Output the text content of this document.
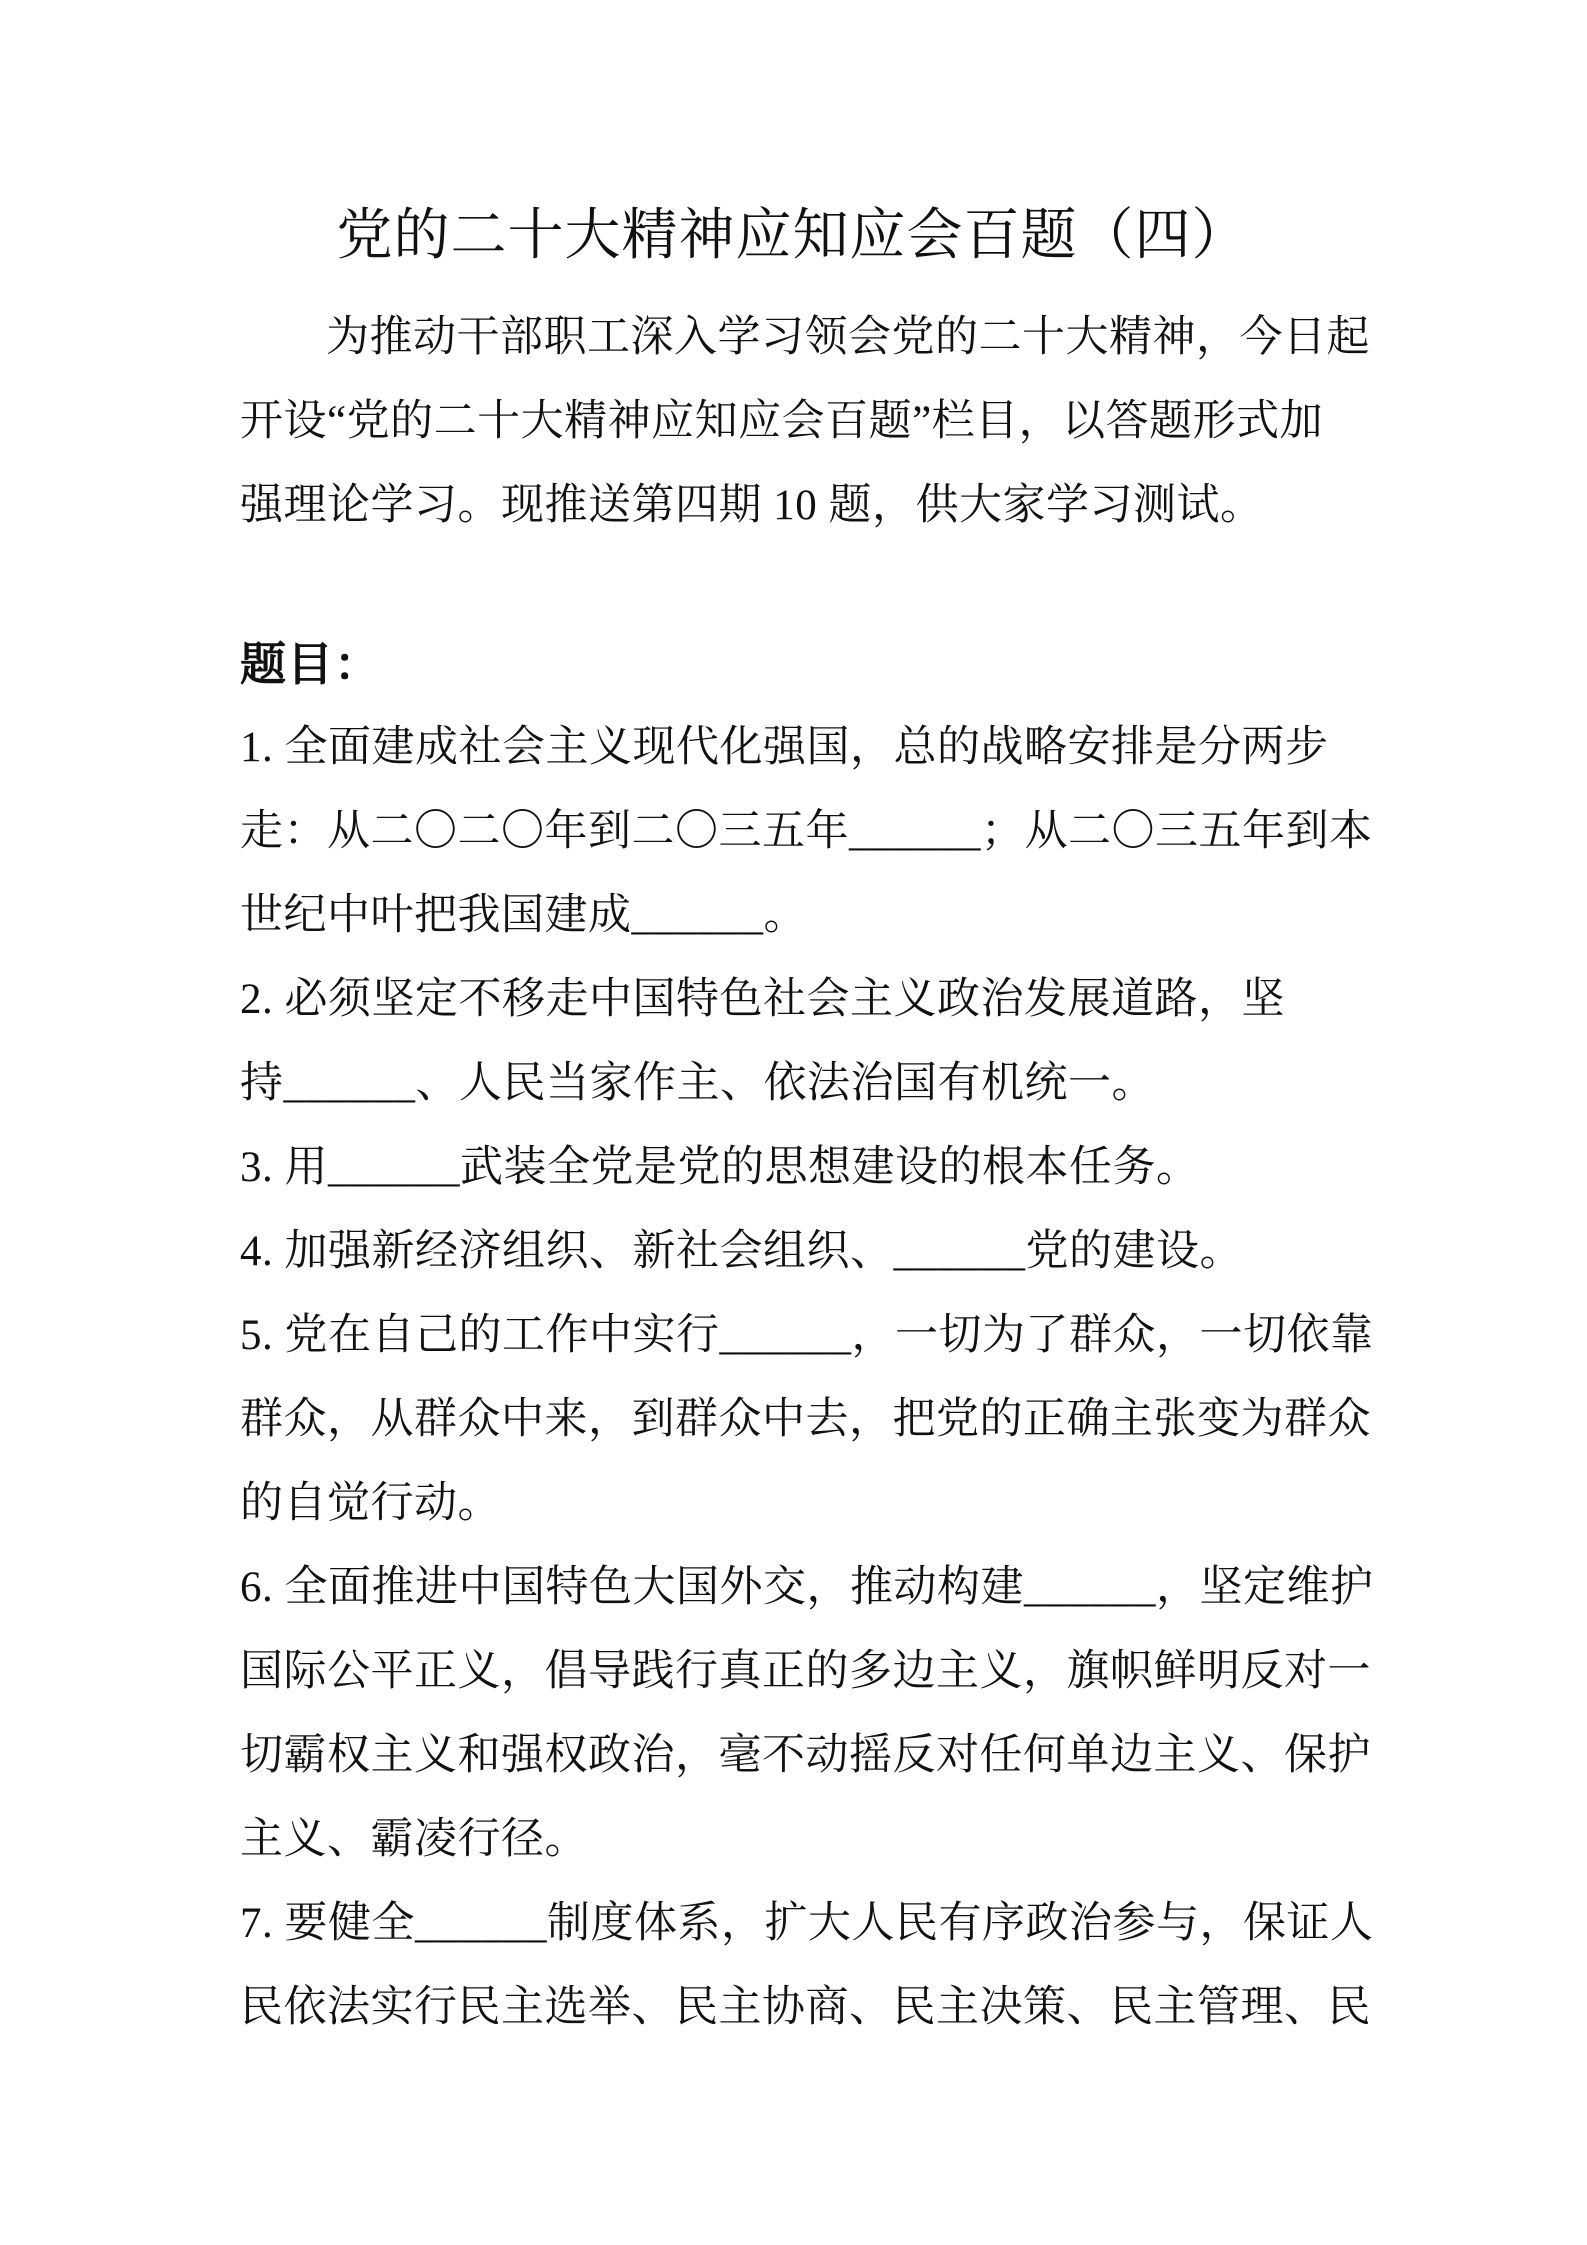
党的二十大精神应知应会百题（四）
为推动干部职工深入学习领会党的二十大精神，今日起
开设“党的二十大精神应知应会百题”栏目，以答题形式加
强理论学习。现推送第四期 10 题，供大家学习测试。
题目：
1. 全面建成社会主义现代化强国，总的战略安排是分两步
走：从二〇二〇年到二〇三五年______；从二〇三五年到本
世纪中叶把我国建成______。
2. 必须坚定不移走中国特色社会主义政治发展道路，坚
持______、人民当家作主、依法治国有机统一。
3. 用______武装全党是党的思想建设的根本任务。
4. 加强新经济组织、新社会组织、______党的建设。
5. 党在自己的工作中实行______，一切为了群众，一切依靠
群众，从群众中来，到群众中去，把党的正确主张变为群众
的自觉行动。
6. 全面推进中国特色大国外交，推动构建______，坚定维护
国际公平正义，倡导践行真正的多边主义，旗帜鲜明反对一
切霸权主义和强权政治，毫不动摇反对任何单边主义、保护
主义、霸凌行径。
7. 要健全______制度体系，扩大人民有序政治参与，保证人
民依法实行民主选举、民主协商、民主决策、民主管理、民
